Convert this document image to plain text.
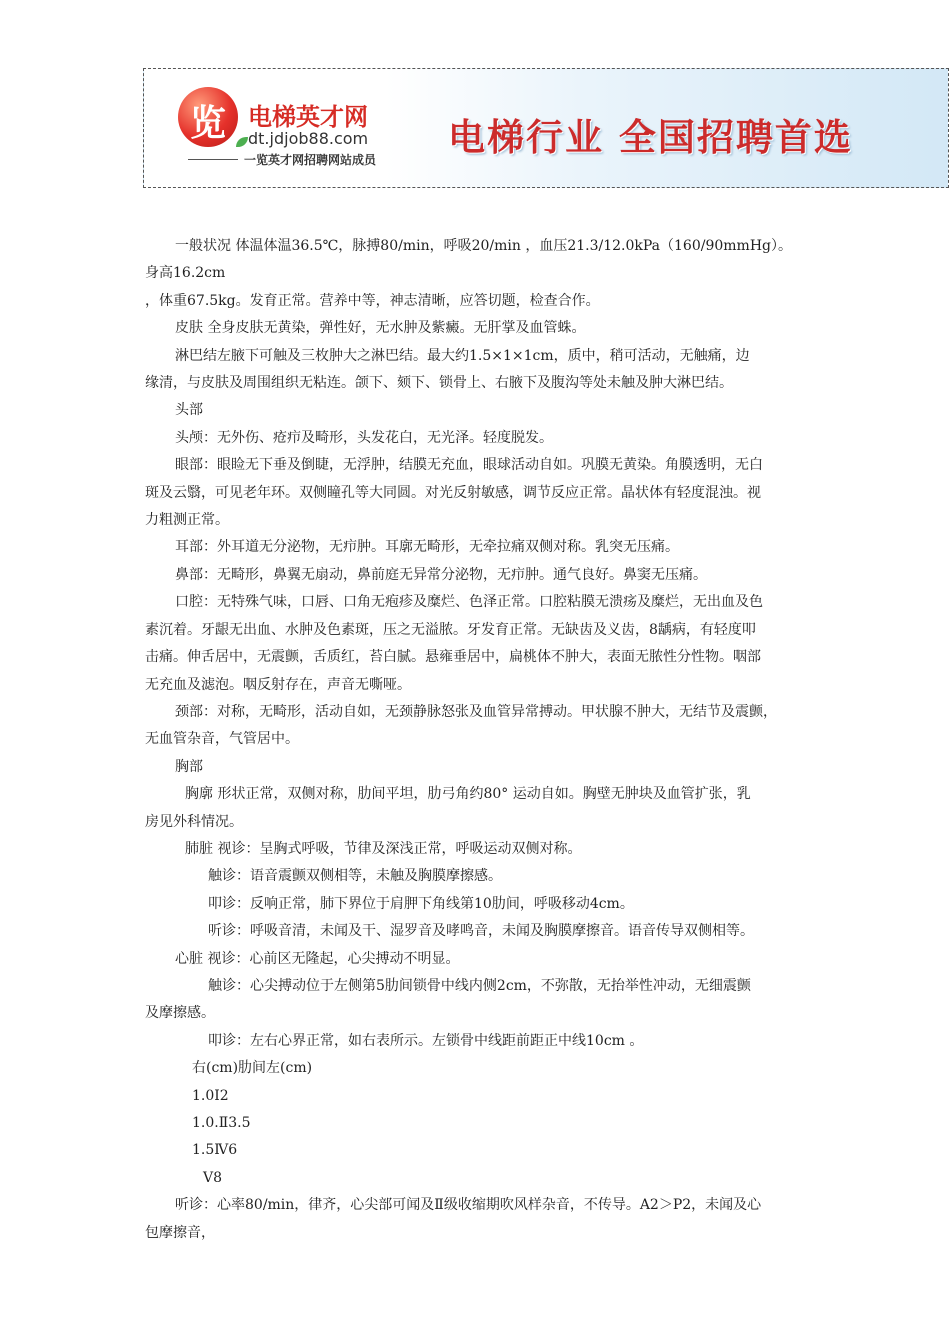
览 电梯英才网
dt.jdjob88.com
一览英才网招聘网站成员
电梯行业 全国招聘首选

一般状况 体温体温36.5℃，脉搏80/min，呼吸20/min ，血压21.3/12.0kPa（160/90mmHg）。

身高16.2cm

，体重67.5kg。发育正常。营养中等，神志清晰，应答切题，检查合作。

皮肤 全身皮肤无黄染，弹性好，无水肿及紫癜。无肝掌及血管蛛。

淋巴结左腋下可触及三枚肿大之淋巴结。最大约1.5×1×1cm，质中，稍可活动，无触痛，边

缘清，与皮肤及周围组织无粘连。颌下、颏下、锁骨上、右腋下及腹沟等处未触及肿大淋巴结。

头部

头颅：无外伤、疮疖及畸形，头发花白，无光泽。轻度脱发。

眼部：眼睑无下垂及倒睫，无浮肿，结膜无充血，眼球活动自如。巩膜无黄染。角膜透明，无白

斑及云翳，可见老年环。双侧瞳孔等大同圆。对光反射敏感，调节反应正常。晶状体有轻度混浊。视

力粗测正常。

耳部：外耳道无分泌物，无疖肿。耳廓无畸形，无牵拉痛双侧对称。乳突无压痛。

鼻部：无畸形，鼻翼无扇动，鼻前庭无异常分泌物，无疖肿。通气良好。鼻窦无压痛。

口腔：无特殊气味，口唇、口角无疱疹及糜烂、色泽正常。口腔粘膜无溃疡及糜烂，无出血及色

素沉着。牙龈无出血、水肿及色素斑，压之无溢脓。牙发育正常。无缺齿及义齿，8龋病，有轻度叩

击痛。伸舌居中，无震颤，舌质红，苔白腻。悬雍垂居中，扁桃体不肿大，表面无脓性分性物。咽部

无充血及滤泡。咽反射存在，声音无嘶哑。

颈部：对称，无畸形，活动自如，无颈静脉怒张及血管异常搏动。甲状腺不肿大，无结节及震颤，

无血管杂音，气管居中。

胸部

胸廓 形状正常，双侧对称，肋间平坦，肋弓角约80° 运动自如。胸壁无肿块及血管扩张，乳

房见外科情况。

肺脏 视诊：呈胸式呼吸，节律及深浅正常，呼吸运动双侧对称。

触诊：语音震颤双侧相等，未触及胸膜摩擦感。

叩诊：反响正常，肺下界位于肩胛下角线第10肋间，呼吸移动4cm。

听诊：呼吸音清，未闻及干、湿罗音及哮鸣音，未闻及胸膜摩擦音。语音传导双侧相等。

心脏 视诊：心前区无隆起，心尖搏动不明显。

触诊：心尖搏动位于左侧第5肋间锁骨中线内侧2cm，不弥散，无抬举性冲动，无细震颤

及摩擦感。

叩诊：左右心界正常，如右表所示。左锁骨中线距前距正中线10cm 。

右(cm)肋间左(cm)

1.0Ⅰ2

1.0.Ⅱ3.5

1.5Ⅳ6

Ⅴ8

听诊：心率80/min，律齐，心尖部可闻及Ⅱ级收缩期吹风样杂音，不传导。A2＞P2，未闻及心

包摩擦音，
